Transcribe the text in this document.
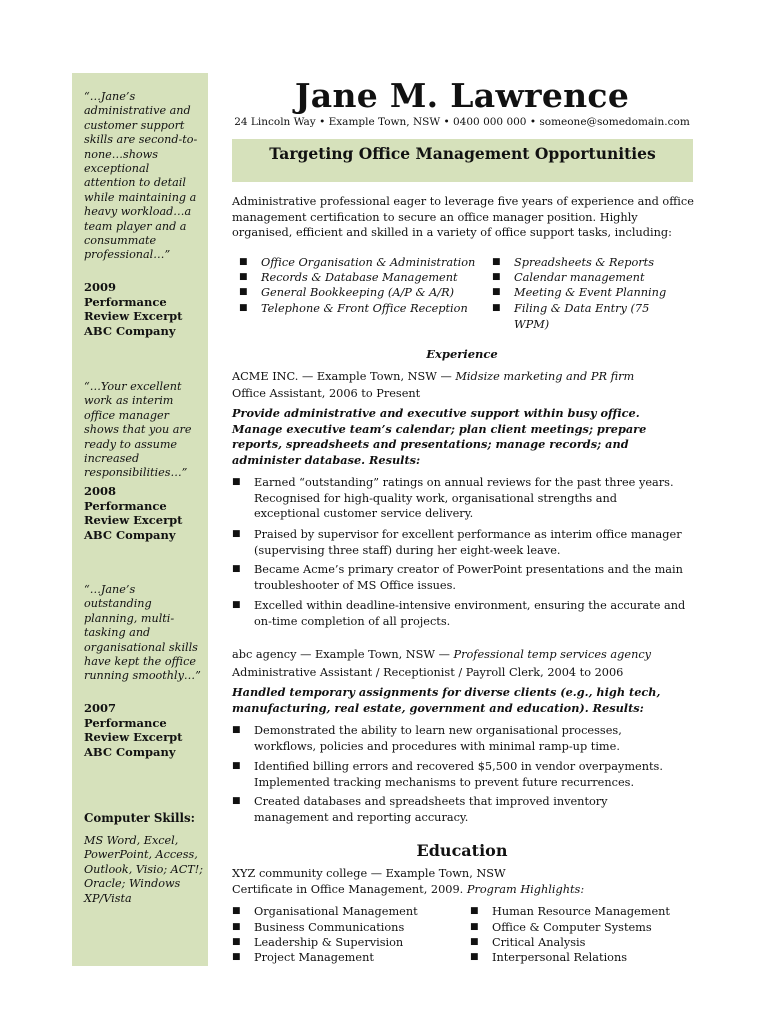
“…Jane’s administrative and customer support skills are second-to-none…shows exceptional attention to detail while maintaining a heavy workload…a team player and a consummate professional…”
2009
Performance Review Excerpt
ABC Company
“…Your excellent work as interim office manager shows that you are ready to assume increased responsibilities…”
2008
Performance Review Excerpt
ABC Company
“…Jane’s outstanding planning, multi-tasking and organisational skills have kept the office running smoothly…”
2007
Performance Review Excerpt
ABC Company
Computer Skills:
MS Word, Excel, PowerPoint, Access, Outlook, Visio; ACT!; Oracle; Windows XP/Vista
Jane M. Lawrence
24 Lincoln Way • Example Town, NSW • 0400 000 000 • someone@somedomain.com
Targeting Office Management Opportunities
Administrative professional eager to leverage five years of experience and office management certification to secure an office manager position. Highly organised, efficient and skilled in a variety of office support tasks, including:
■ Office Organisation & Administration
■ Records & Database Management
■ General Bookkeeping (A/P & A/R)
■ Telephone & Front Office Reception
■ Spreadsheets & Reports
■ Calendar management
■ Meeting & Event Planning
■ Filing & Data Entry (75 WPM)
Experience
ACME INC. — Example Town, NSW — Midsize marketing and PR firm
Office Assistant, 2006 to Present
Provide administrative and executive support within busy office. Manage executive team’s calendar; plan client meetings; prepare reports, spreadsheets and presentations; manage records; and administer database. Results:
■ Earned “outstanding” ratings on annual reviews for the past three years. Recognised for high-quality work, organisational strengths and exceptional customer service delivery.
■ Praised by supervisor for excellent performance as interim office manager (supervising three staff) during her eight-week leave.
■ Became Acme’s primary creator of PowerPoint presentations and the main troubleshooter of MS Office issues.
■ Excelled within deadline-intensive environment, ensuring the accurate and on-time completion of all projects.
abc agency — Example Town, NSW — Professional temp services agency
Administrative Assistant / Receptionist / Payroll Clerk, 2004 to 2006
Handled temporary assignments for diverse clients (e.g., high tech, manufacturing, real estate, government and education). Results:
■ Demonstrated the ability to learn new organisational processes, workflows, policies and procedures with minimal ramp-up time.
■ Identified billing errors and recovered $5,500 in vendor overpayments. Implemented tracking mechanisms to prevent future recurrences.
■ Created databases and spreadsheets that improved inventory management and reporting accuracy.
Education
XYZ community college — Example Town, NSW
Certificate in Office Management, 2009. Program Highlights:
■ Organisational Management
■ Business Communications
■ Leadership & Supervision
■ Project Management
■ Human Resource Management
■ Office & Computer Systems
■ Critical Analysis
■ Interpersonal Relations
